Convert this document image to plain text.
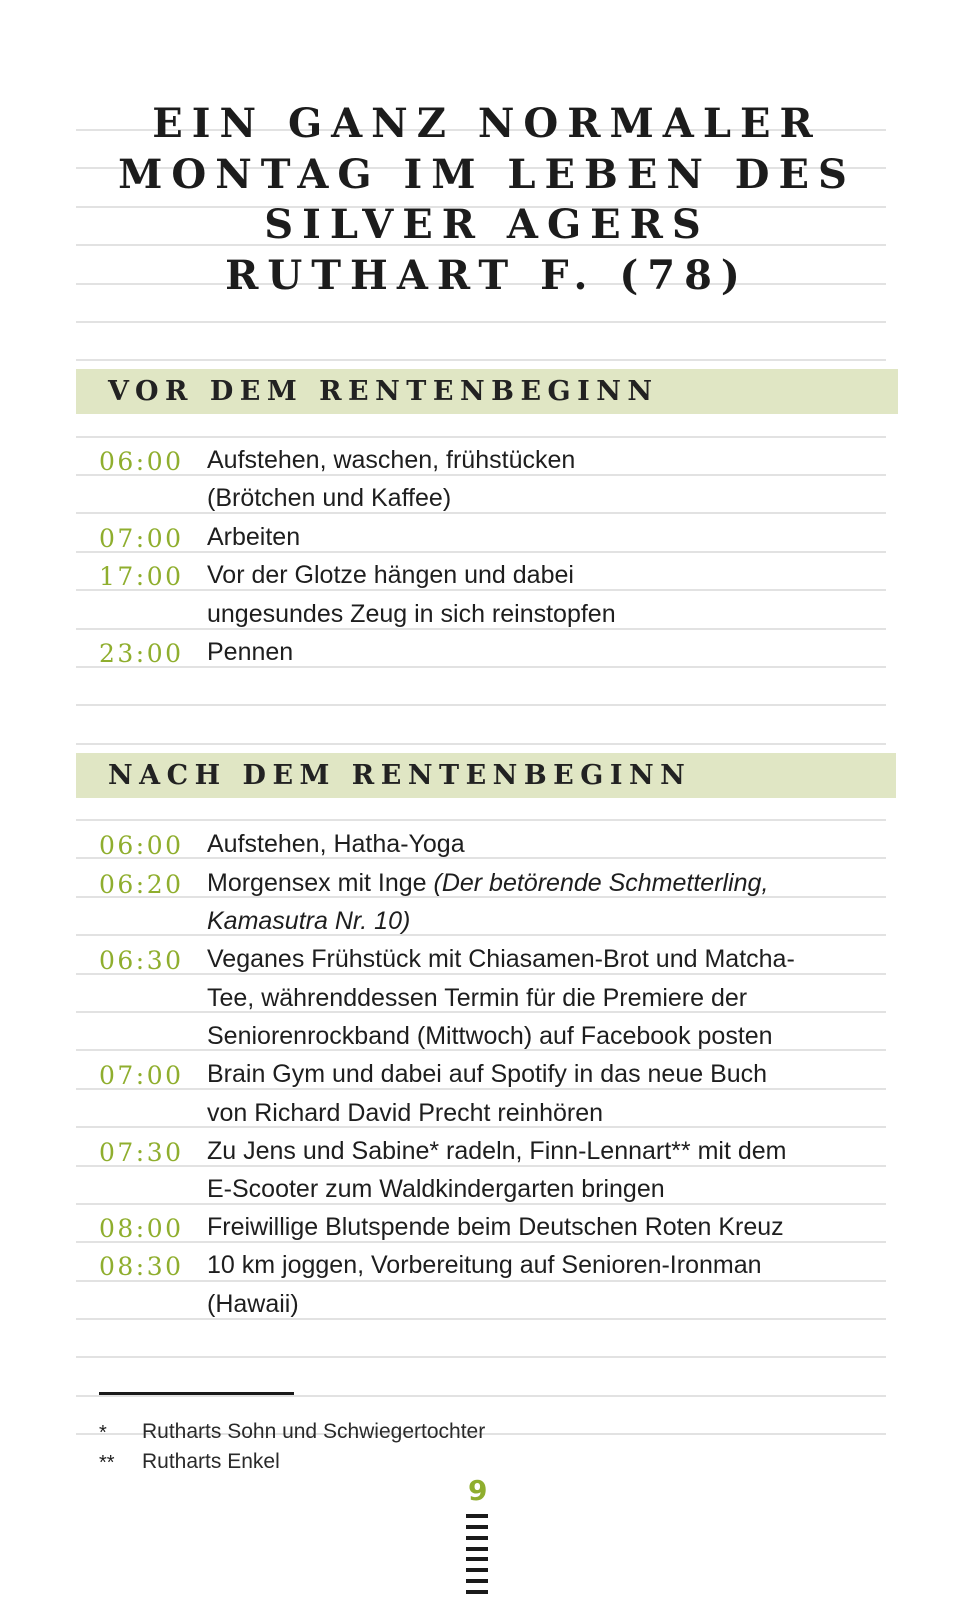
EIN GANZ NORMALER
MONTAG IM LEBEN DES
SILVER AGERS
RUTHART F. (78)
VOR DEM RENTENBEGINN
06:00 Aufstehen, waschen, frühstücken
(Brötchen und Kaffee)
07:00 Arbeiten
17:00 Vor der Glotze hängen und dabei
ungesundes Zeug in sich reinstopfen
23:00 Pennen
NACH DEM RENTENBEGINN
06:00 Aufstehen, Hatha-Yoga
06:20 Morgensex mit Inge (Der betörende Schmetterling,
Kamasutra Nr. 10)
06:30 Veganes Frühstück mit Chiasamen-Brot und Matcha-
Tee, währenddessen Termin für die Premiere der
Seniorenrockband (Mittwoch) auf Facebook posten
07:00 Brain Gym und dabei auf Spotify in das neue Buch
von Richard David Precht reinhören
07:30 Zu Jens und Sabine* radeln, Finn-Lennart** mit dem
E-Scooter zum Waldkindergarten bringen
08:00 Freiwillige Blutspende beim Deutschen Roten Kreuz
08:30 10 km joggen, Vorbereitung auf Senioren-Ironman
(Hawaii)
* Rutharts Sohn und Schwiegertochter
** Rutharts Enkel
9
